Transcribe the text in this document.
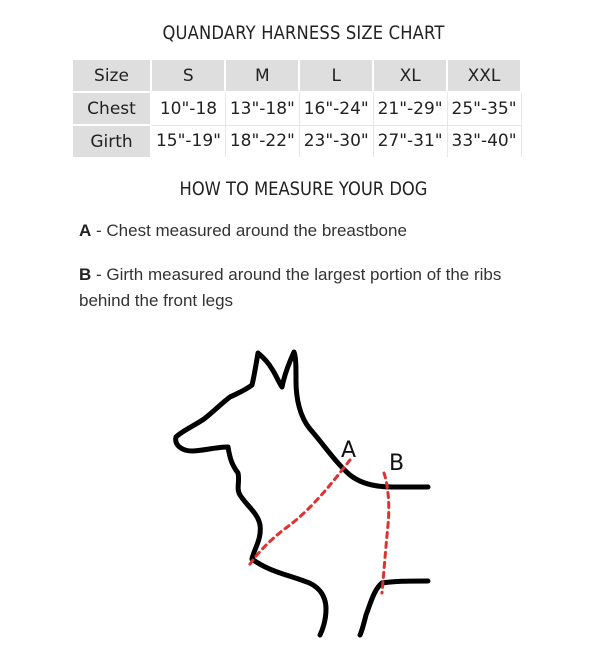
QUANDARY HARNESS SIZE CHART
Size	S	M	L	XL	XXL
Chest	10"-18	13"-18"	16"-24"	21"-29"	25"-35"
Girth	15"-19"	18"-22"	23"-30"	27"-31"	33"-40"
HOW TO MEASURE YOUR DOG
A - Chest measured around the breastbone
B - Girth measured around the largest portion of the ribs behind the front legs
A
B
